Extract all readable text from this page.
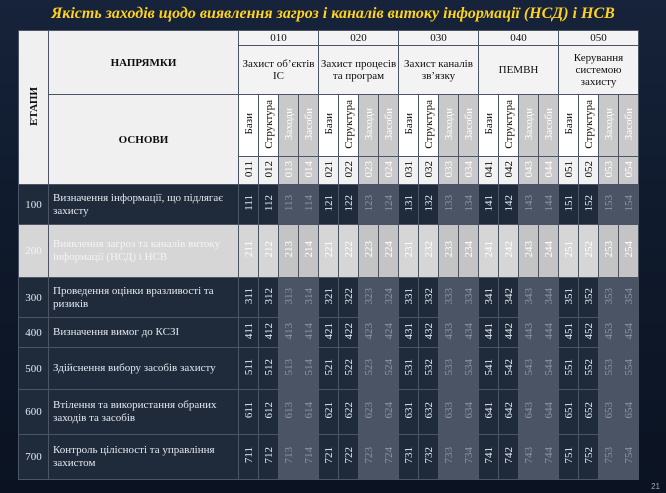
Якість заходів щодо виявлення загроз і каналів витоку інформації (НСД) і НСВ
ЕТАПИ	НАПРЯМКИ	010				020				030				040				050			
		Захист об’єктів ІС				Захист процесів та програм				Захист каналів зв’язку				ПЕМВН				Керування системою захисту			
	ОСНОВИ	Бази	Структура	Заходи	Засоби	Бази	Структура	Заходи	Засоби	Бази	Структура	Заходи	Засоби	Бази	Структура	Заходи	Засоби	Бази	Структура	Заходи	Засоби
		011	012	013	014	021	022	023	024	031	032	033	034	041	042	043	044	051	052	053	054
100	Визначення інформації, що підлягає захисту	111	112	113	114	121	122	123	124	131	132	133	134	141	142	143	144	151	152	153	154
200	Виявлення загроз та каналів витоку інформації (НСД) і НСВ	211	212	213	214	221	222	223	224	231	232	233	234	241	242	243	244	251	252	253	254
300	Проведення оцінки вразливості та ризиків	311	312	313	314	321	322	323	324	331	332	333	334	341	342	343	344	351	352	353	354
400	Визначення вимог до КСЗІ	411	412	413	414	421	422	423	424	431	432	433	434	441	442	443	444	451	452	453	454
500	Здійснення вибору засобів захисту	511	512	513	514	521	522	523	524	531	532	533	534	541	542	543	544	551	552	553	554
600	Втілення та використання обраних заходів та засобів	611	612	613	614	621	622	623	624	631	632	633	634	641	642	643	644	651	652	653	654
700	Контроль цілісності та управління захистом	711	712	713	714	721	722	723	724	731	732	733	734	741	742	743	744	751	752	753	754
21
